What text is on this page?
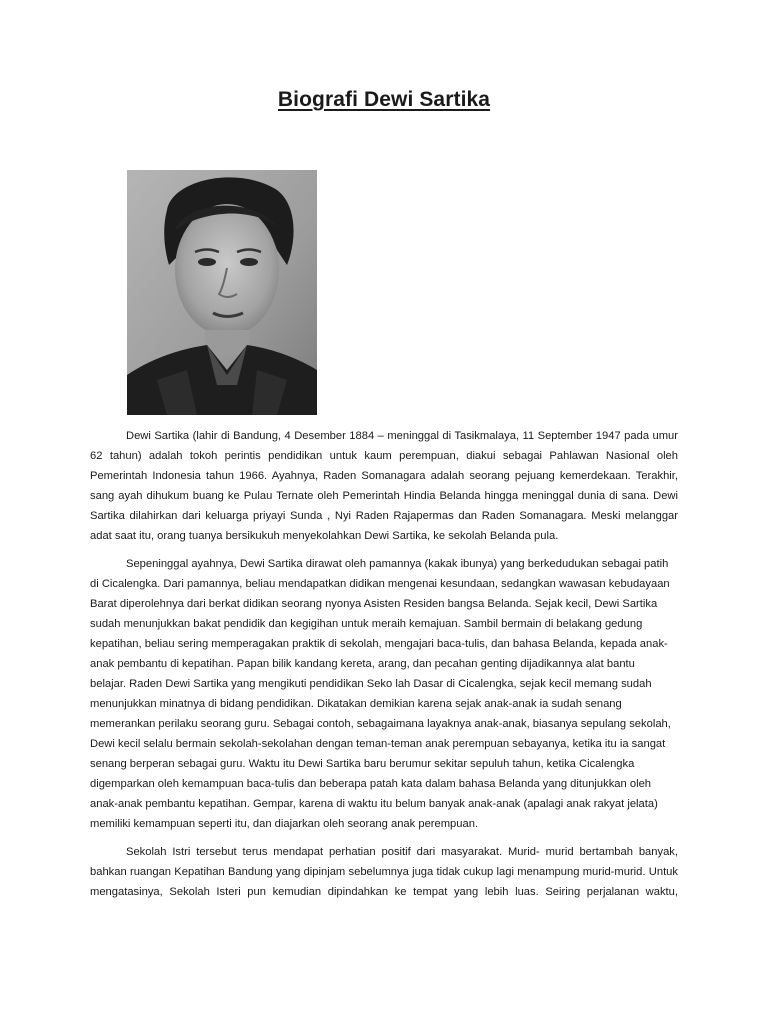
Biografi Dewi Sartika

Dewi Sartika (lahir di Bandung, 4 Desember 1884 – meninggal di Tasikmalaya, 11 September 1947 pada umur 62 tahun) adalah tokoh perintis pendidikan untuk kaum perempuan, diakui sebagai Pahlawan Nasional oleh Pemerintah Indonesia tahun 1966. Ayahnya, Raden Somanagara adalah seorang pejuang kemerdekaan. Terakhir, sang ayah dihukum buang ke Pulau Ternate oleh Pemerintah Hindia Belanda hingga meninggal dunia di sana. Dewi Sartika dilahirkan dari keluarga priyayi Sunda , Nyi Raden Rajapermas dan Raden Somanagara. Meski melanggar adat saat itu, orang tuanya bersikukuh menyekolahkan Dewi Sartika, ke sekolah Belanda pula.

Sepeninggal ayahnya, Dewi Sartika dirawat oleh pamannya (kakak ibunya) yang berkedudukan sebagai patih
di Cicalengka. Dari pamannya, beliau mendapatkan didikan mengenai kesundaan, sedangkan wawasan kebudayaan
Barat diperolehnya dari berkat didikan seorang nyonya Asisten Residen bangsa Belanda. Sejak kecil, Dewi Sartika
sudah menunjukkan bakat pendidik dan kegigihan untuk meraih kemajuan. Sambil bermain di belakang gedung
kepatihan, beliau sering memperagakan praktik di sekolah, mengajari baca-tulis, dan bahasa Belanda, kepada anak-
anak pembantu di kepatihan. Papan bilik kandang kereta, arang, dan pecahan genting dijadikannya alat bantu
belajar. Raden Dewi Sartika yang mengikuti pendidikan Seko lah Dasar di Cicalengka, sejak kecil memang sudah
menunjukkan minatnya di bidang pendidikan. Dikatakan demikian karena sejak anak-anak ia sudah senang
memerankan perilaku seorang guru. Sebagai contoh, sebagaimana layaknya anak-anak, biasanya sepulang sekolah,
Dewi kecil selalu bermain sekolah-sekolahan dengan teman-teman anak perempuan sebayanya, ketika itu ia sangat
senang berperan sebagai guru. Waktu itu Dewi Sartika baru berumur sekitar sepuluh tahun, ketika Cicalengka
digemparkan oleh kemampuan baca-tulis dan beberapa patah kata dalam bahasa Belanda yang ditunjukkan oleh
anak-anak pembantu kepatihan. Gempar, karena di waktu itu belum banyak anak-anak (apalagi anak rakyat jelata)
memiliki kemampuan seperti itu, dan diajarkan oleh seorang anak perempuan.

Sekolah Istri tersebut terus mendapat perhatian positif dari masyarakat. Murid- murid bertambah banyak, bahkan ruangan Kepatihan Bandung yang dipinjam sebelumnya juga tidak cukup lagi menampung murid-murid. Untuk mengatasinya, Sekolah Isteri pun kemudian dipindahkan ke tempat yang lebih luas. Seiring perjalanan waktu,
